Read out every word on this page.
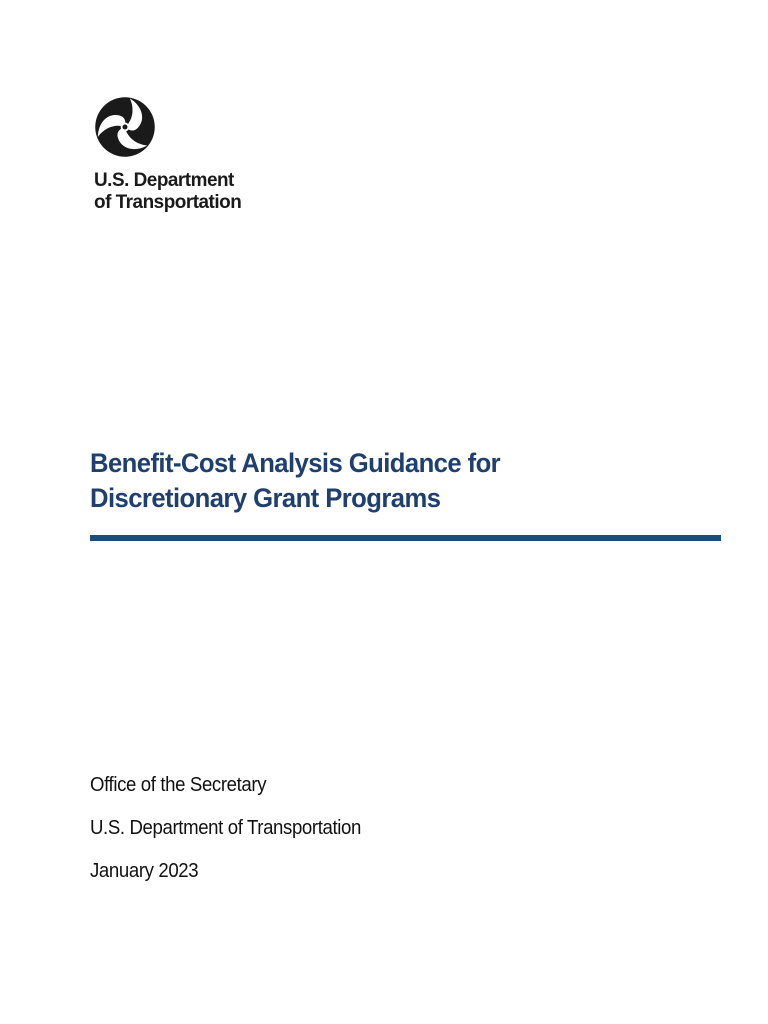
U.S. Department
of Transportation
Benefit-Cost Analysis Guidance for
Discretionary Grant Programs

Office of the Secretary

U.S. Department of Transportation

January 2023
